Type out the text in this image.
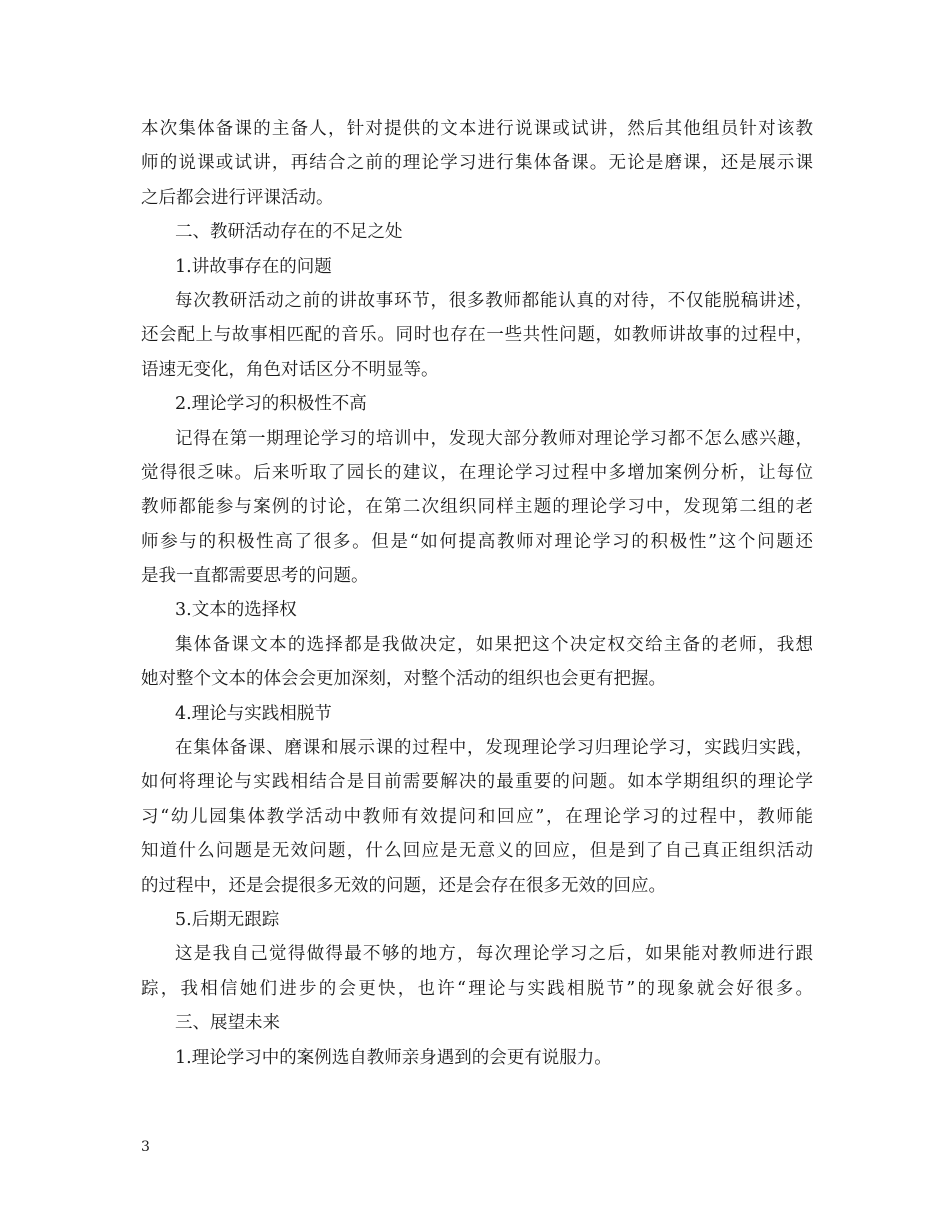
本次集体备课的主备人，针对提供的文本进行说课或试讲，然后其他组员针对该教
师的说课或试讲，再结合之前的理论学习进行集体备课。无论是磨课，还是展示课
之后都会进行评课活动。
二、教研活动存在的不足之处
1.讲故事存在的问题
每次教研活动之前的讲故事环节，很多教师都能认真的对待，不仅能脱稿讲述，
还会配上与故事相匹配的音乐。同时也存在一些共性问题，如教师讲故事的过程中，
语速无变化，角色对话区分不明显等。
2.理论学习的积极性不高
记得在第一期理论学习的培训中，发现大部分教师对理论学习都不怎么感兴趣，
觉得很乏味。后来听取了园长的建议，在理论学习过程中多增加案例分析，让每位
教师都能参与案例的讨论，在第二次组织同样主题的理论学习中，发现第二组的老
师参与的积极性高了很多。但是“如何提高教师对理论学习的积极性”这个问题还
是我一直都需要思考的问题。
3.文本的选择权
集体备课文本的选择都是我做决定，如果把这个决定权交给主备的老师，我想
她对整个文本的体会会更加深刻，对整个活动的组织也会更有把握。
4.理论与实践相脱节
在集体备课、磨课和展示课的过程中，发现理论学习归理论学习，实践归实践，
如何将理论与实践相结合是目前需要解决的最重要的问题。如本学期组织的理论学
习“幼儿园集体教学活动中教师有效提问和回应”，在理论学习的过程中，教师能
知道什么问题是无效问题，什么回应是无意义的回应，但是到了自己真正组织活动
的过程中，还是会提很多无效的问题，还是会存在很多无效的回应。
5.后期无跟踪
这是我自己觉得做得最不够的地方，每次理论学习之后，如果能对教师进行跟
踪，我相信她们进步的会更快，也许“理论与实践相脱节”的现象就会好很多。
三、展望未来
1.理论学习中的案例选自教师亲身遇到的会更有说服力。
3
